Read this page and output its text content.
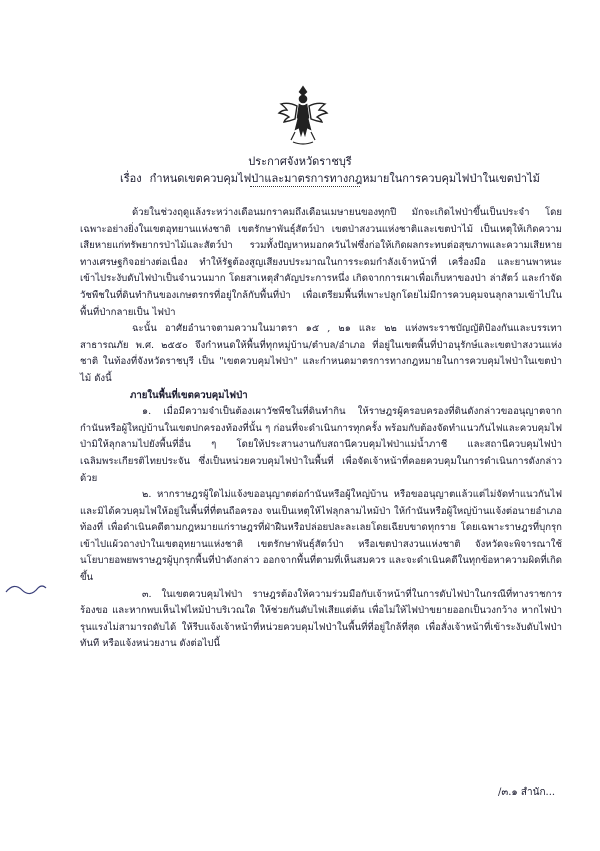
ประกาศจังหวัดราชบุรี
เรื่อง กำหนดเขตควบคุมไฟป่าและมาตรการทางกฎหมายในการควบคุมไฟป่าในเขตป่าไม้

ด้วยในช่วงฤดูแล้งระหว่างเดือนมกราคมถึงเดือนเมษายนของทุกปี มักจะเกิดไฟป่าขึ้นเป็นประจำ โดยเฉพาะอย่างยิ่งในเขตอุทยานแห่งชาติ เขตรักษาพันธุ์สัตว์ป่า เขตป่าสงวนแห่งชาติและเขตป่าไม้ เป็นเหตุให้เกิดความเสียหายแก่ทรัพยากรป่าไม้และสัตว์ป่า รวมทั้งปัญหาหมอกควันไฟซึ่งก่อให้เกิดผลกระทบต่อสุขภาพและความเสียหายทางเศรษฐกิจอย่างต่อเนื่อง ทำให้รัฐต้องสูญเสียงบประมาณในการระดมกำลังเจ้าหน้าที่ เครื่องมือ และยานพาหนะเข้าไประงับดับไฟป่าเป็นจำนวนมาก โดยสาเหตุสำคัญประการหนึ่ง เกิดจากการเผาเพื่อเก็บหาของป่า ล่าสัตว์ และกำจัดวัชพืชในที่ดินทำกินของเกษตรกรที่อยู่ใกล้กับพื้นที่ป่า เพื่อเตรียมพื้นที่เพาะปลูกโดยไม่มีการควบคุมจนลุกลามเข้าไปในพื้นที่ป่ากลายเป็น ไฟป่า

ฉะนั้น อาศัยอำนาจตามความในมาตรา ๑๕ , ๒๑ และ ๒๒ แห่งพระราชบัญญัติป้องกันและบรรเทาสาธารณภัย พ.ศ. ๒๕๕๐ จึงกำหนดให้พื้นที่ทุกหมู่บ้าน/ตำบล/อำเภอ ที่อยู่ในเขตพื้นที่ป่าอนุรักษ์และเขตป่าสงวนแห่งชาติ ในท้องที่จังหวัดราชบุรี เป็น "เขตควบคุมไฟป่า" และกำหนดมาตรการทางกฎหมายในการควบคุมไฟป่าในเขตป่าไม้ ดังนี้

ภายในพื้นที่เขตควบคุมไฟป่า

๑. เมื่อมีความจำเป็นต้องเผาวัชพืชในที่ดินทำกิน ให้ราษฎรผู้ครอบครองที่ดินดังกล่าวขออนุญาตจากกำนันหรือผู้ใหญ่บ้านในเขตปกครองท้องที่นั้น ๆ ก่อนที่จะดำเนินการทุกครั้ง พร้อมกับต้องจัดทำแนวกันไฟและควบคุมไฟป่ามิให้ลุกลามไปยังพื้นที่อื่น ๆ โดยให้ประสานงานกับสถานีควบคุมไฟป่าแม่น้ำภาชี และสถานีควบคุมไฟป่าเฉลิมพระเกียรติไทยประจัน ซึ่งเป็นหน่วยควบคุมไฟป่าในพื้นที่ เพื่อจัดเจ้าหน้าที่คอยควบคุมในการดำเนินการดังกล่าวด้วย

๒. หากราษฎรผู้ใดไม่แจ้งขออนุญาตต่อกำนันหรือผู้ใหญ่บ้าน หรือขออนุญาตแล้วแต่ไม่จัดทำแนวกันไฟและมิได้ควบคุมไฟให้อยู่ในพื้นที่ที่ตนถือครอง จนเป็นเหตุให้ไฟลุกลามไหม้ป่า ให้กำนันหรือผู้ใหญ่บ้านแจ้งต่อนายอำเภอท้องที่ เพื่อดำเนินคดีตามกฎหมายแก่ราษฎรที่ฝ่าฝืนหรือปล่อยปละละเลยโดยเฉียบขาดทุกราย โดยเฉพาะราษฎรที่บุกรุกเข้าไปแผ้วถางป่าในเขตอุทยานแห่งชาติ เขตรักษาพันธุ์สัตว์ป่า หรือเขตป่าสงวนแห่งชาติ จังหวัดจะพิจารณาใช้นโยบายอพยพราษฎรผู้บุกรุกพื้นที่ป่าดังกล่าว ออกจากพื้นที่ตามที่เห็นสมควร และจะดำเนินคดีในทุกข้อหาความผิดที่เกิดขึ้น

๓. ในเขตควบคุมไฟป่า ราษฎรต้องให้ความร่วมมือกับเจ้าหน้าที่ในการดับไฟป่าในกรณีที่ทางราชการร้องขอ และหากพบเห็นไฟไหม้ป่าบริเวณใด ให้ช่วยกันดับไฟเสียแต่ต้น เพื่อไม่ให้ไฟป่าขยายออกเป็นวงกว้าง หากไฟป่ารุนแรงไม่สามารถดับได้ ให้รีบแจ้งเจ้าหน้าที่หน่วยควบคุมไฟป่าในพื้นที่ที่อยู่ใกล้ที่สุด เพื่อสั่งเจ้าหน้าที่เข้าระงับดับไฟป่าทันที หรือแจ้งหน่วยงาน ดังต่อไปนี้

/๓.๑ สำนัก...
